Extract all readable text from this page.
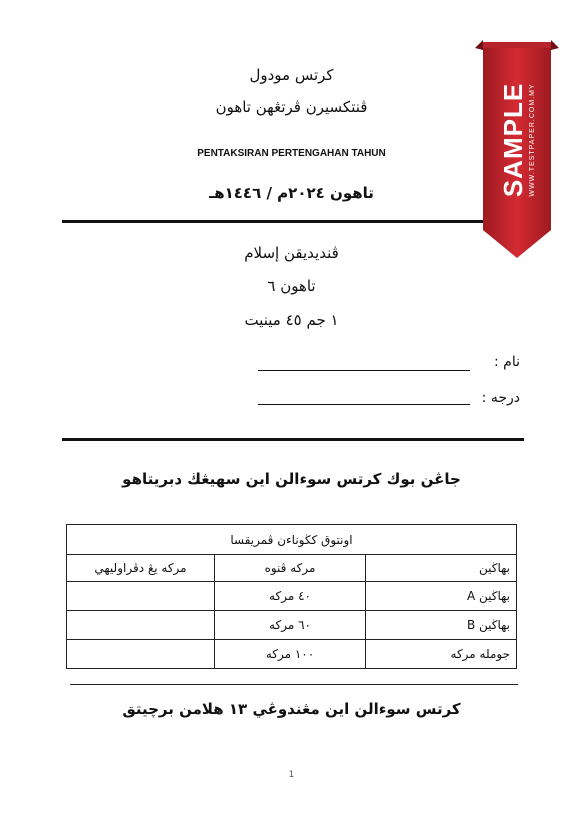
كرتس مودول
ڤنتكسيرن ڤرتڠهن تاهون
PENTAKSIRAN PERTENGAHAN TAHUN
تاهون ٢٠٢٤م / ١٤٤٦هـ
ڤنديديقن إسلام
تاهون ٦
١ جم ٤٥ مينيت
نام :
درجه :
جاڠن بوك كرتس سوءالن اين سهيڠڬ دبريتاهو
اونتوق كڬوناءن ڤمريقسا		
بهاڬين	مركه ڤنوه	مركه يڠ دڤراوليهي
بهاڬين A	٤٠ مركه	
بهاڬين B	٦٠ مركه	
جومله مركه	١٠٠ مركه	
كرتس سوءالن اين مڠندوڠي ١٣ هلامن برچيتق
1
SAMPLE WWW.TESTPAPER.COM.MY
